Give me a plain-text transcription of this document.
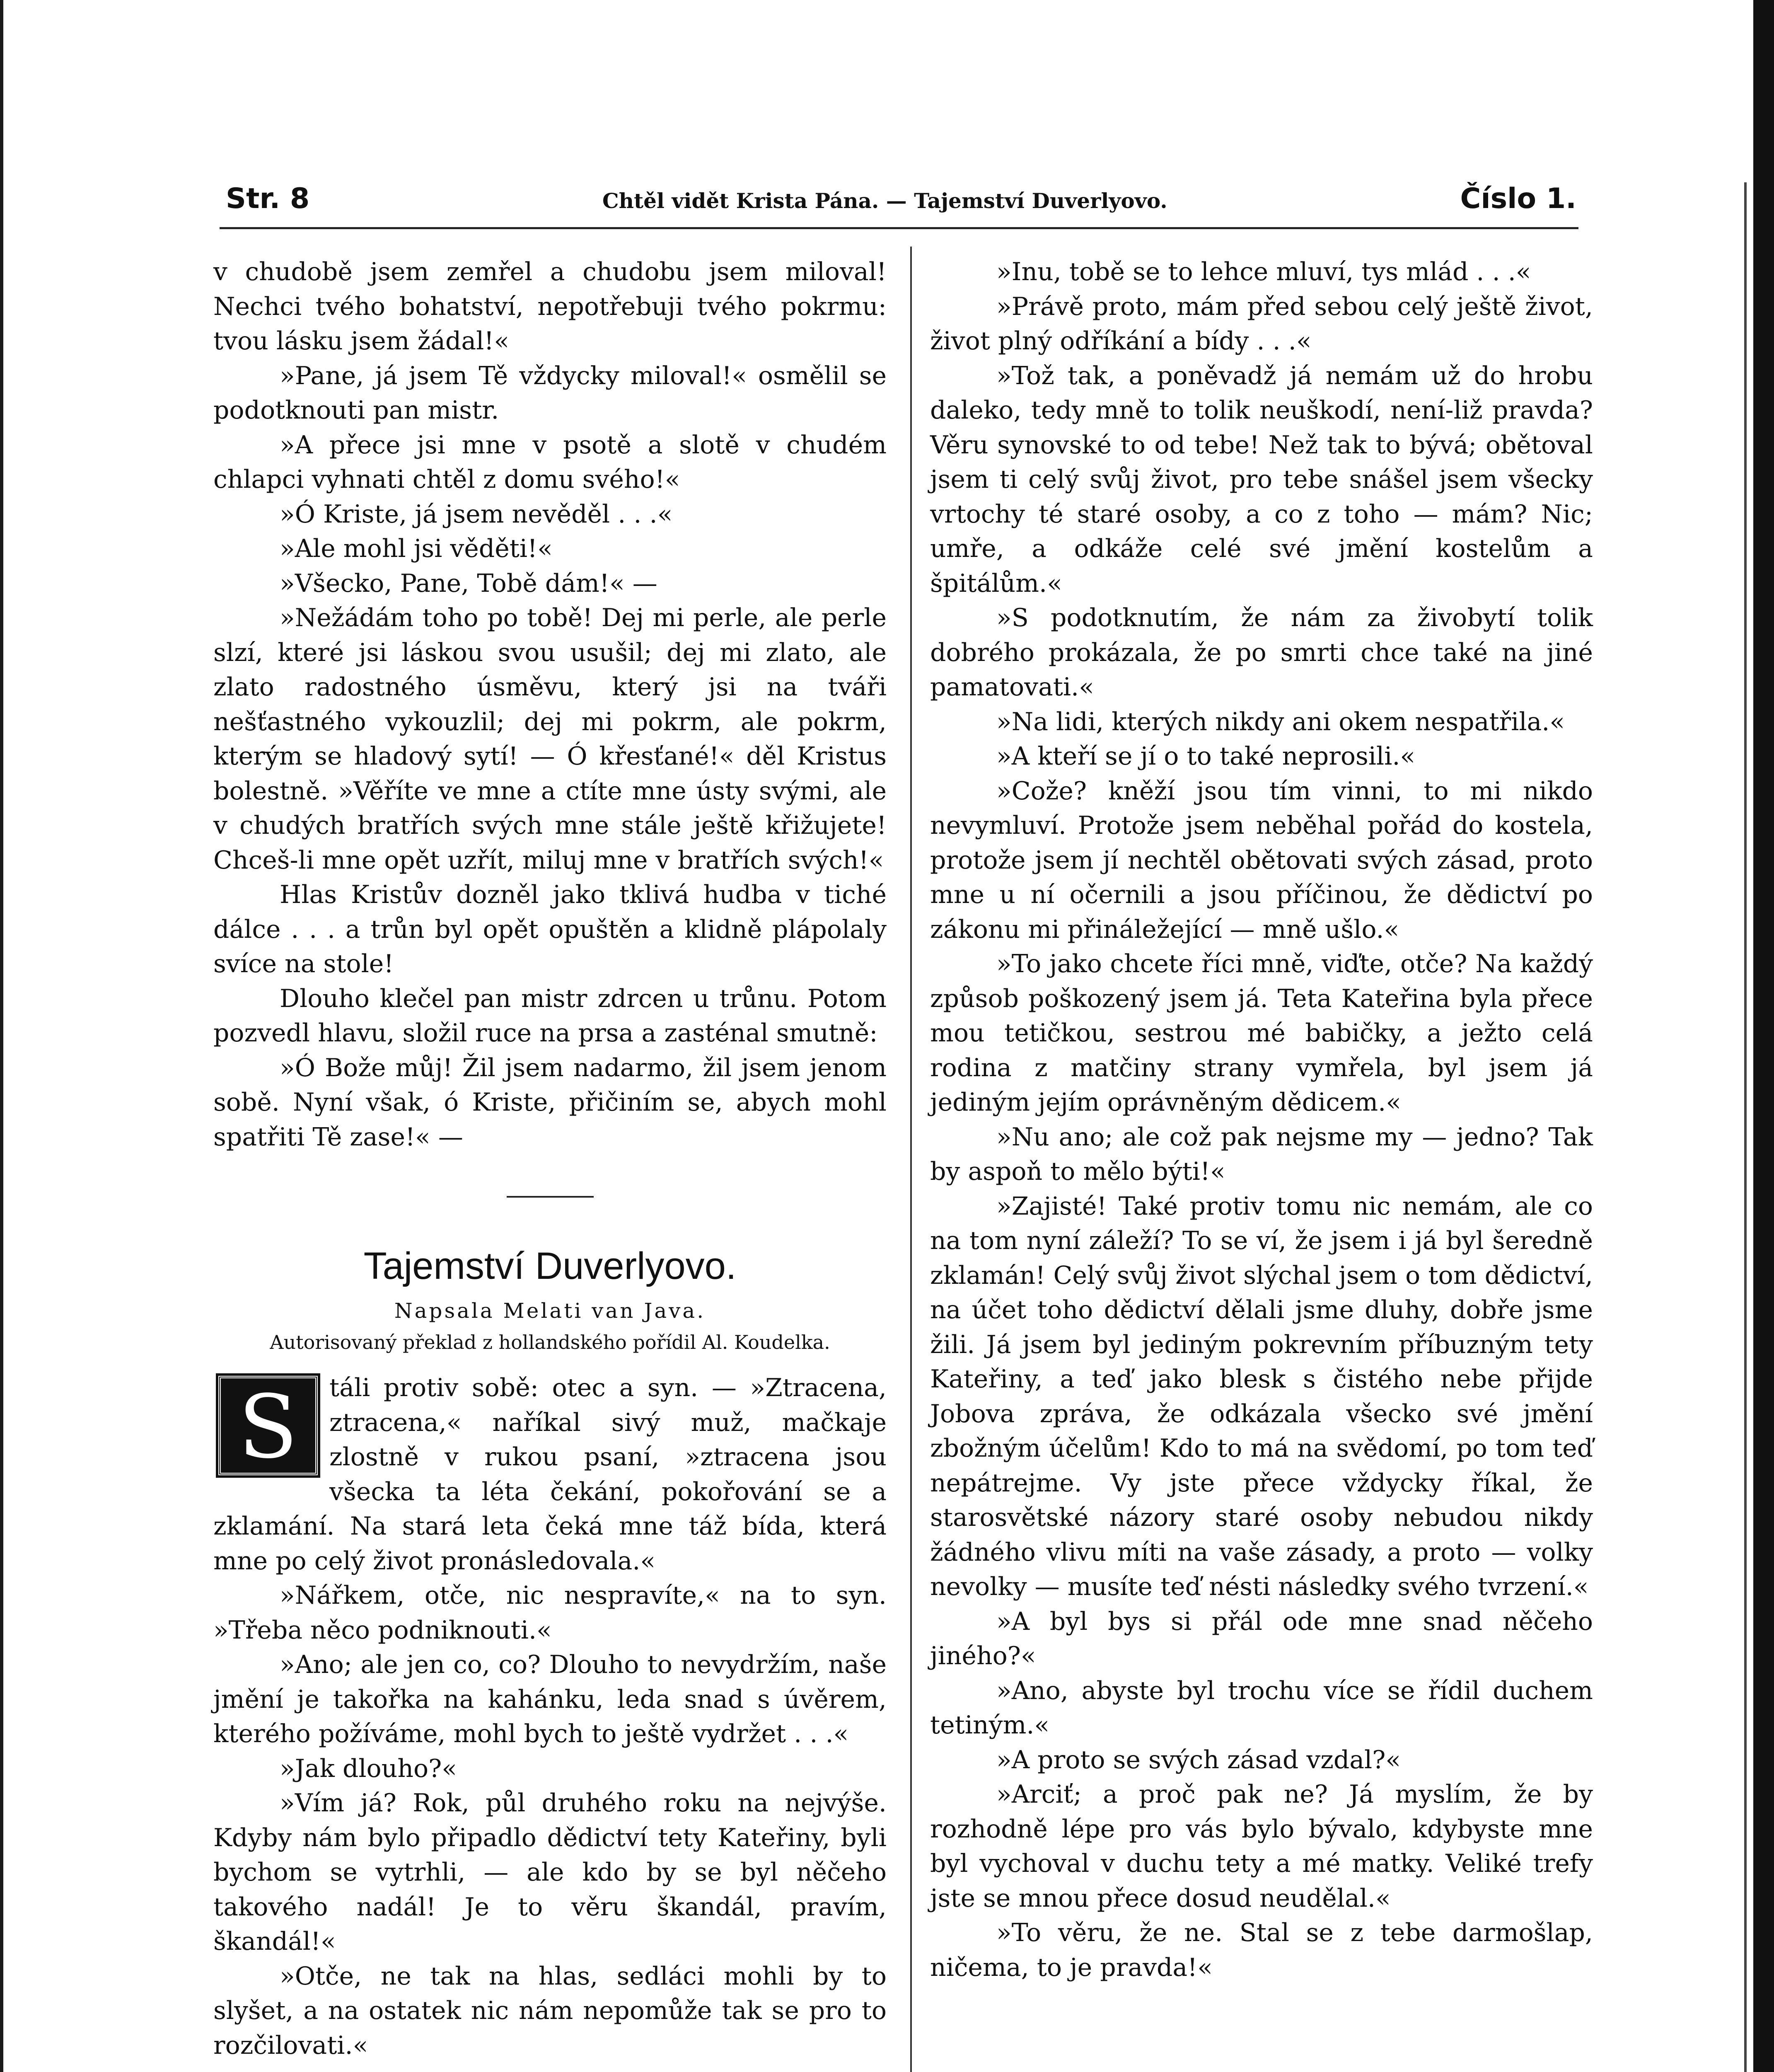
Str. 8	Chtěl vidět Krista Pána. — Tajemství Duverlyovo.	Číslo 1.

v chudobě jsem zemřel a chudobu jsem miloval! Nechci tvého bohatství, nepotřebuji tvého pokrmu: tvou lásku jsem žádal!«

»Pane, já jsem Tě vždycky miloval!« osmělil se podotknouti pan mistr.

»A přece jsi mne v psotě a slotě v chudém chlapci vyhnati chtěl z domu svého!«

»Ó Kriste, já jsem nevěděl . . .«

»Ale mohl jsi věděti!«

»Všecko, Pane, Tobě dám!« —

»Nežádám toho po tobě! Dej mi perle, ale perle slzí, které jsi láskou svou usušil; dej mi zlato, ale zlato radostného úsměvu, který jsi na tváři nešťastného vykouzlil; dej mi pokrm, ale pokrm, kterým se hladový sytí! — Ó křesťané!« děl Kristus bolestně. »Věříte ve mne a ctíte mne ústy svými, ale v chudých bratřích svých mne stále ještě křižujete! Chceš-li mne opět uzřít, miluj mne v bratřích svých!«

Hlas Kristův dozněl jako tklivá hudba v tiché dálce . . . a trůn byl opět opuštěn a klidně plápolaly svíce na stole!

Dlouho klečel pan mistr zdrcen u trůnu. Potom pozvedl hlavu, složil ruce na prsa a zasténal smutně:

»Ó Bože můj! Žil jsem nadarmo, žil jsem jenom sobě. Nyní však, ó Kriste, přičiním se, abych mohl spatřiti Tě zase!« —

Tajemství Duverlyovo.
Napsala Melati van Java.
Autorisovaný překlad z hollandského pořídil Al. Koudelka.

S	táli protiv sobě: otec a syn. — »Ztracena, ztracena,« naříkal sivý muž, mačkaje zlostně v rukou psaní, »ztracena jsou všecka ta léta čekání, pokořování se a zklamání. Na stará leta čeká mne táž bída, která mne po celý život pronásledovala.«

»Nářkem, otče, nic nespravíte,« na to syn. »Třeba něco podniknouti.«

»Ano; ale jen co, co? Dlouho to nevydržím, naše jmění je takořka na kahánku, leda snad s úvěrem, kterého požíváme, mohl bych to ještě vydržet . . .«

»Jak dlouho?«

»Vím já? Rok, půl druhého roku na nejvýše. Kdyby nám bylo připadlo dědictví tety Kateřiny, byli bychom se vytrhli, — ale kdo by se byl něčeho takového nadál! Je to věru škandál, pravím, škandál!«

»Otče, ne tak na hlas, sedláci mohli by to slyšet, a na ostatek nic nám nepomůže tak se pro to rozčilovati.«

»Inu, tobě se to lehce mluví, tys mlád . . .«

»Právě proto, mám před sebou celý ještě život, život plný odříkání a bídy . . .«

»Tož tak, a poněvadž já nemám už do hrobu daleko, tedy mně to tolik neuškodí, není-liž pravda? Věru synovské to od tebe! Než tak to bývá; obětoval jsem ti celý svůj život, pro tebe snášel jsem všecky vrtochy té staré osoby, a co z toho — mám? Nic; umře, a odkáže celé své jmění kostelům a špitálům.«

»S podotknutím, že nám za živobytí tolik dobrého prokázala, že po smrti chce také na jiné pamatovati.«

»Na lidi, kterých nikdy ani okem nespatřila.«

»A kteří se jí o to také neprosili.«

»Cože? kněží jsou tím vinni, to mi nikdo nevymluví. Protože jsem neběhal pořád do kostela, protože jsem jí nechtěl obětovati svých zásad, proto mne u ní očernili a jsou příčinou, že dědictví po zákonu mi přináležející — mně ušlo.«

»To jako chcete říci mně, viďte, otče? Na každý způsob poškozený jsem já. Teta Kateřina byla přece mou tetičkou, sestrou mé babičky, a ježto celá rodina z matčiny strany vymřela, byl jsem já jediným jejím oprávněným dědicem.«

»Nu ano; ale což pak nejsme my — jedno? Tak by aspoň to mělo býti!«

»Zajisté! Také protiv tomu nic nemám, ale co na tom nyní záleží? To se ví, že jsem i já byl šeredně zklamán! Celý svůj život slýchal jsem o tom dědictví, na účet toho dědictví dělali jsme dluhy, dobře jsme žili. Já jsem byl jediným pokrevním příbuzným tety Kateřiny, a teď jako blesk s čistého nebe přijde Jobova zpráva, že odkázala všecko své jmění zbožným účelům! Kdo to má na svědomí, po tom teď nepátrejme. Vy jste přece vždycky říkal, že starosvětské názory staré osoby nebudou nikdy žádného vlivu míti na vaše zásady, a proto — volky nevolky — musíte teď nésti následky svého tvrzení.«

»A byl bys si přál ode mne snad něčeho jiného?«

»Ano, abyste byl trochu více se řídil duchem tetiným.«

»A proto se svých zásad vzdal?«

»Arciť; a proč pak ne? Já myslím, že by rozhodně lépe pro vás bylo bývalo, kdybyste mne byl vychoval v duchu tety a mé matky. Veliké trefy jste se mnou přece dosud neudělal.«

»To věru, že ne. Stal se z tebe darmošlap, ničema, to je pravda!«
